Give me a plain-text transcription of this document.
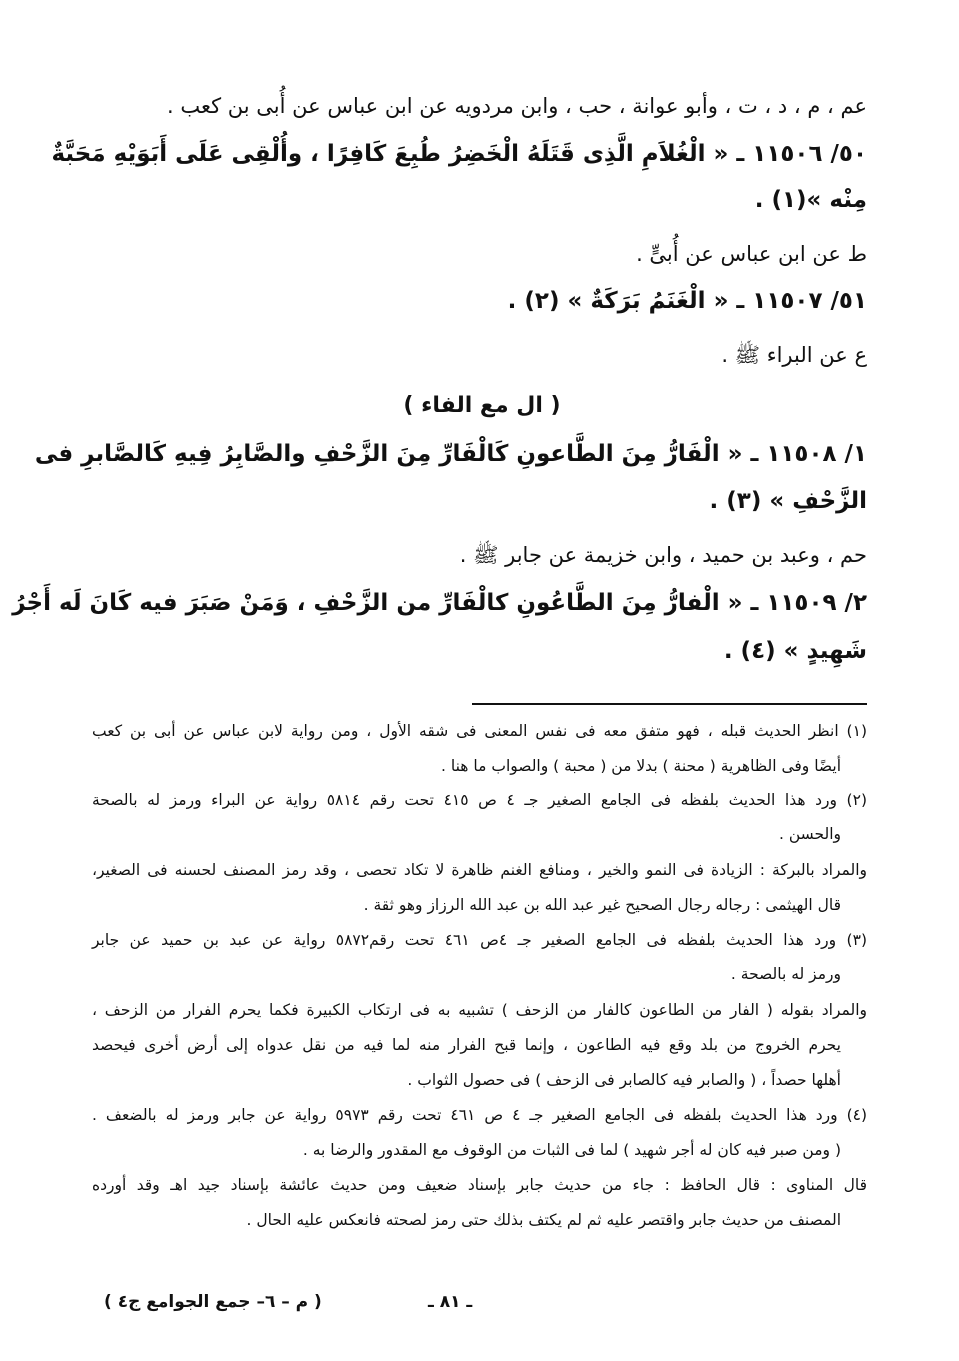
عم ، م ، د ، ت ، وأبو عوانة ، حب ، وابن مردويه عن ابن عباس عن أُبى بن كعب .
٥٠/ ١١٥٠٦ ـ « الْغُلاَمِ الَّذِى قَتَلَهُ الْخَضِرُ طُبِعَ كَافِرًا ، وأُلْقِى عَلَى أَبَوَيْهِ مَحَبَّةٌ
مِنْه »(١) .
ط عن ابن عباس عن أُبىٍّ .
٥١/ ١١٥٠٧ ـ « الْغَنَمُ بَرَكَةٌ » (٢) .
ع عن البراء ﷺ .
( ال مع الفاء )
١/ ١١٥٠٨ ـ « الْفَارُّ مِنَ الطَّاعونِ كَالْفَارِّ مِنَ الزَّحْفِ والصَّابِرُ فِيهِ كَالصَّابرِ فى
الزَّحْفِ » (٣) .
حم ، وعبد بن حميد ، وابن خزيمة عن جابر ﷺ .
٢/ ١١٥٠٩ ـ « الْفارُّ مِنَ الطَّاعُونِ كالْفَارِّ من الزَّحْفِ ، وَمَنْ صَبَرَ فيه كَانَ لَه أَجْرُ
شَهِيدٍ » (٤) .
(١) انظر الحديث قبله ، فهو متفق معه فى نفس المعنى فى شقه الأول ، ومن رواية لابن عباس عن أبى بن كعب
أيضًا وفى الظاهرية ( محنة ) بدلا من ( محبة ) والصواب ما هنا .
(٢) ورد هذا الحديث بلفظه فى الجامع الصغير جـ ٤ ص ٤١٥ تحت رقم ٥٨١٤ رواية عن البراء ورمز له بالصحة
والحسن .
والمراد بالبركة : الزيادة فى النمو والخير ، ومنافع الغنم ظاهرة لا تكاد تحصى ، وقد رمز المصنف لحسنه فى الصغير،
قال الهيثمى : رجاله رجال الصحيح غير عبد الله بن عبد الله الرزاز وهو ثقة .
(٣) ورد هذا الحديث بلفظه فى الجامع الصغير جـ ٤ص ٤٦١ تحت رقم٥٨٧٢ رواية عن عبد بن حميد عن جابر
ورمز له بالصحة .
والمراد بقوله ( الفار من الطاعون كالفار من الزحف ) تشبيه به فى ارتكاب الكبيرة فكما يحرم الفرار من الزحف ،
يحرم الخروج من بلد وقع فيه الطاعون ، وإنما قبح الفرار منه لما فيه من نقل عدواه إلى أرض أخرى فيحصد
أهلها حصداً ، ( والصابر فيه كالصابر فى الزحف ) فى حصول الثواب .
(٤) ورد هذا الحديث بلفظه فى الجامع الصغير جـ ٤ ص ٤٦١ تحت رقم ٥٩٧٣ رواية عن جابر ورمز له بالضعف .
( ومن صبر فيه كان له أجر شهيد ) لما فى الثبات من الوقوف مع المقدور والرضا به .
قال المناوى : قال الحافظ : جاء من حديث جابر بإسناد ضعيف ومن حديث عائشة بإسناد جيد اهـ وقد أورده
المصنف من حديث جابر واقتصر عليه ثم لم يكتف بذلك حتى رمز لصحته فانعكس عليه الحال .
( م – ٦– جمع الجوامع ج٤ )	ـ ٨١ ـ
